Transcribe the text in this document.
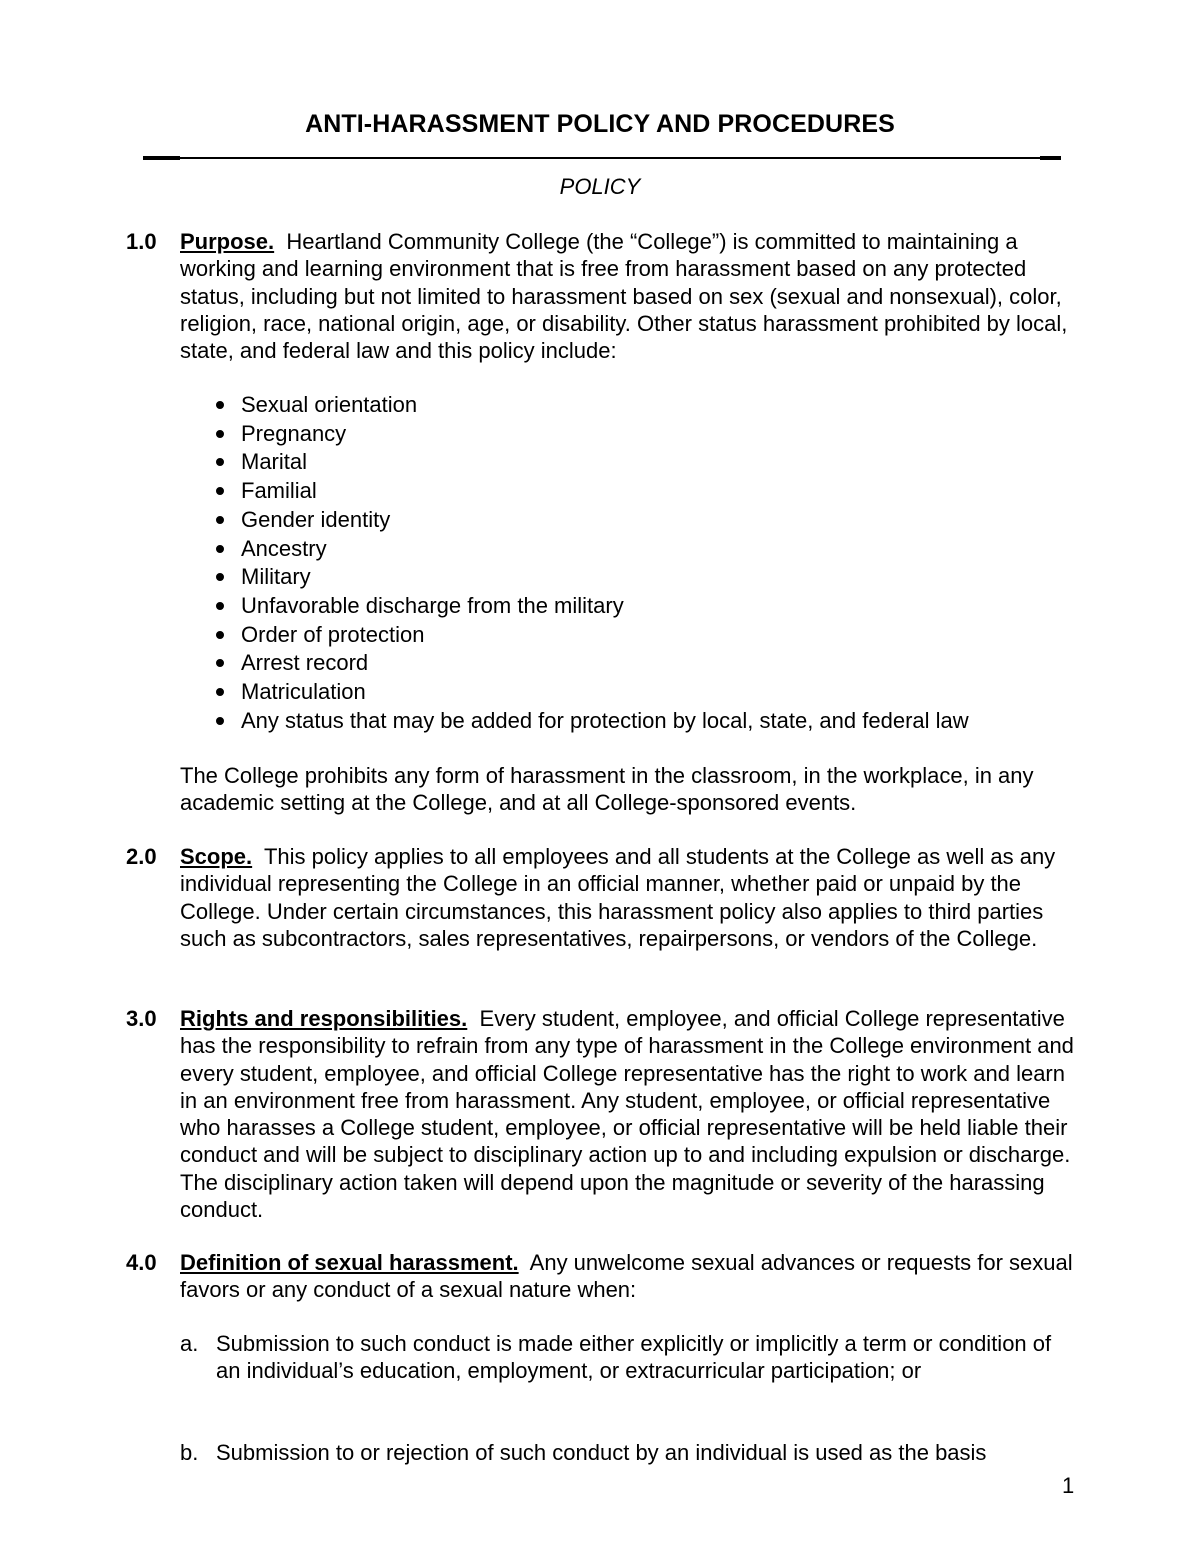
ANTI-HARASSMENT POLICY AND PROCEDURES
POLICY
1.0 Purpose. Heartland Community College (the “College”) is committed to maintaining a working and learning environment that is free from harassment based on any protected status, including but not limited to harassment based on sex (sexual and nonsexual), color, religion, race, national origin, age, or disability. Other status harassment prohibited by local, state, and federal law and this policy include:
Sexual orientation
Pregnancy
Marital
Familial
Gender identity
Ancestry
Military
Unfavorable discharge from the military
Order of protection
Arrest record
Matriculation
Any status that may be added for protection by local, state, and federal law
The College prohibits any form of harassment in the classroom, in the workplace, in any academic setting at the College, and at all College-sponsored events.
2.0 Scope. This policy applies to all employees and all students at the College as well as any individual representing the College in an official manner, whether paid or unpaid by the College. Under certain circumstances, this harassment policy also applies to third parties such as subcontractors, sales representatives, repairpersons, or vendors of the College.
3.0 Rights and responsibilities. Every student, employee, and official College representative has the responsibility to refrain from any type of harassment in the College environment and every student, employee, and official College representative has the right to work and learn in an environment free from harassment. Any student, employee, or official representative who harasses a College student, employee, or official representative will be held liable their conduct and will be subject to disciplinary action up to and including expulsion or discharge. The disciplinary action taken will depend upon the magnitude or severity of the harassing conduct.
4.0 Definition of sexual harassment. Any unwelcome sexual advances or requests for sexual favors or any conduct of a sexual nature when:
a. Submission to such conduct is made either explicitly or implicitly a term or condition of an individual’s education, employment, or extracurricular participation; or
b. Submission to or rejection of such conduct by an individual is used as the basis
1
